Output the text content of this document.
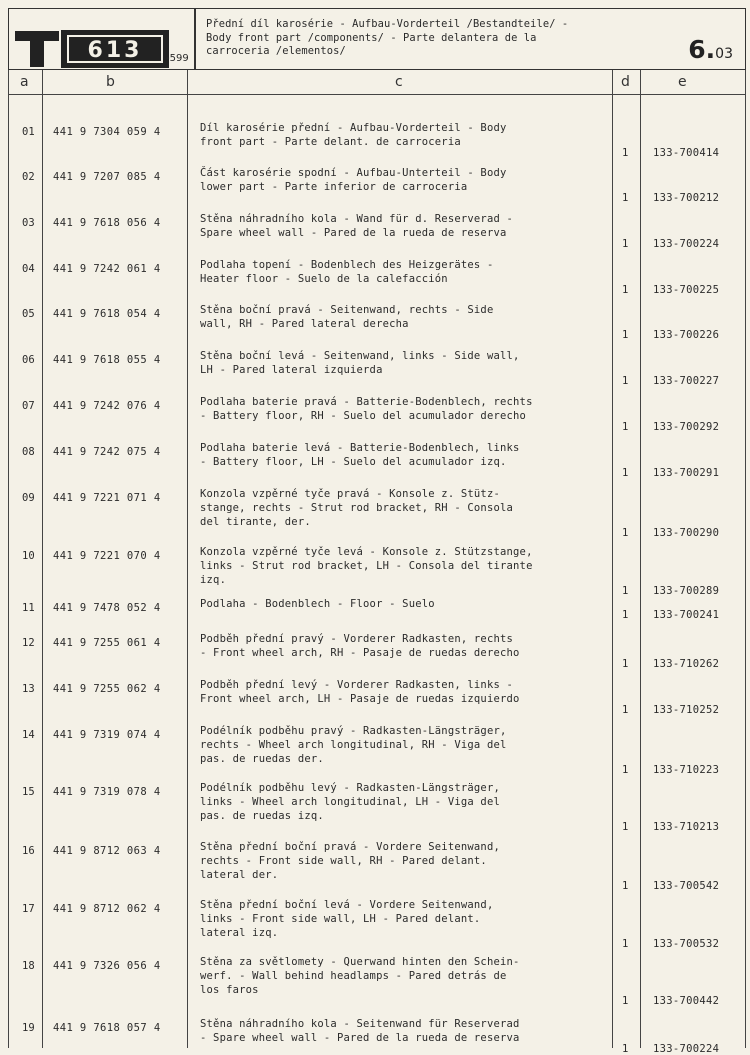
613 -599
Přední díl karosérie - Aufbau-Vorderteil /Bestandteile/ -
Body front part /components/ - Parte delantera de la
carroceria /elementos/	6.03
a	b	c	d	e
01 441 9 7304 059 4	Díl karosérie přední - Aufbau-Vorderteil - Body
front part - Parte delant. de carroceria
1 133-700414
02 441 9 7207 085 4	Část karosérie spodní - Aufbau-Unterteil - Body
lower part - Parte inferior de carroceria
1 133-700212
03 441 9 7618 056 4	Stěna náhradního kola - Wand für d. Reserverad -
Spare wheel wall - Pared de la rueda de reserva
1 133-700224
04 441 9 7242 061 4	Podlaha topení - Bodenblech des Heizgerätes -
Heater floor - Suelo de la calefacción
1 133-700225
05 441 9 7618 054 4	Stěna boční pravá - Seitenwand, rechts - Side
wall, RH - Pared lateral derecha
1 133-700226
06 441 9 7618 055 4	Stěna boční levá - Seitenwand, links - Side wall,
LH - Pared lateral izquierda
1 133-700227
07 441 9 7242 076 4	Podlaha baterie pravá - Batterie-Bodenblech, rechts
- Battery floor, RH - Suelo del acumulador derecho
1 133-700292
08 441 9 7242 075 4	Podlaha baterie levá - Batterie-Bodenblech, links
- Battery floor, LH - Suelo del acumulador izq.
1 133-700291
09 441 9 7221 071 4	Konzola vzpěrné tyče pravá - Konsole z. Stütz-
stange, rechts - Strut rod bracket, RH - Consola
del tirante, der.
1 133-700290
10 441 9 7221 070 4	Konzola vzpěrné tyče levá - Konsole z. Stützstange,
links - Strut rod bracket, LH - Consola del tirante
izq.
1 133-700289
11 441 9 7478 052 4	Podlaha - Bodenblech - Floor - Suelo
1 133-700241
12 441 9 7255 061 4	Podběh přední pravý - Vorderer Radkasten, rechts
- Front wheel arch, RH - Pasaje de ruedas derecho
1 133-710262
13 441 9 7255 062 4	Podběh přední levý - Vorderer Radkasten, links -
Front wheel arch, LH - Pasaje de ruedas izquierdo
1 133-710252
14 441 9 7319 074 4	Podélník podběhu pravý - Radkasten-Längsträger,
rechts - Wheel arch longitudinal, RH - Viga del
pas. de ruedas der.
1 133-710223
15 441 9 7319 078 4	Podélník podběhu levý - Radkasten-Längsträger,
links - Wheel arch longitudinal, LH - Viga del
pas. de ruedas izq.
1 133-710213
16 441 9 8712 063 4	Stěna přední boční pravá - Vordere Seitenwand,
rechts - Front side wall, RH - Pared delant.
lateral der.
1 133-700542
17 441 9 8712 062 4	Stěna přední boční levá - Vordere Seitenwand,
links - Front side wall, LH - Pared delant.
lateral izq.
1 133-700532
18 441 9 7326 056 4	Stěna za světlomety - Querwand hinten den Schein-
werf. - Wall behind headlamps - Pared detrás de
los faros
1 133-700442
19 441 9 7618 057 4	Stěna náhradního kola - Seitenwand für Reserverad
- Spare wheel wall - Pared de la rueda de reserva
1 133-700224
